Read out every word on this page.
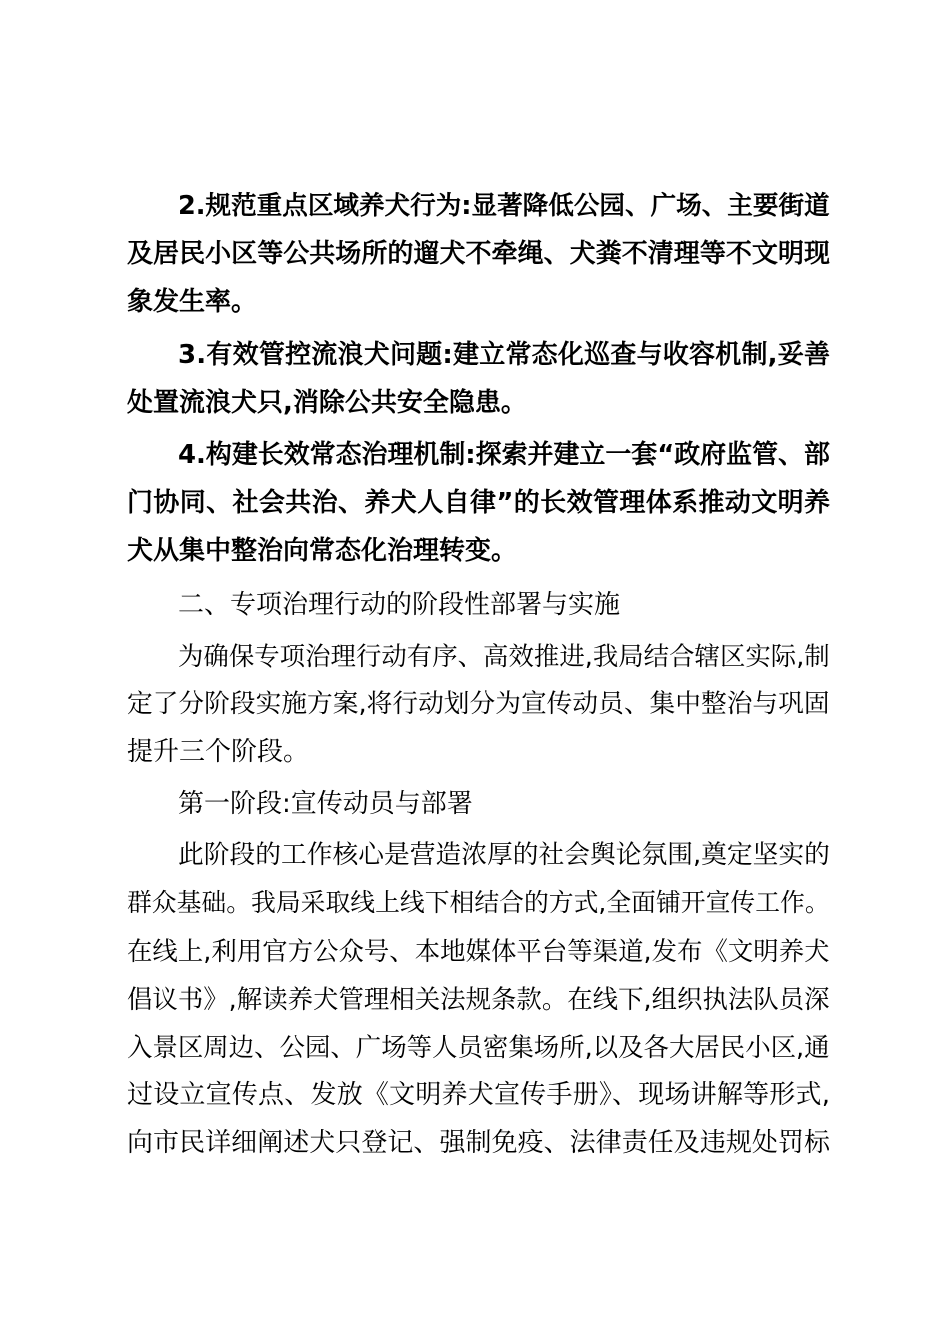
2.规范重点区域养犬行为:显著降低公园、广场、主要街道
及居民小区等公共场所的遛犬不牵绳、犬粪不清理等不文明现
象发生率。
3.有效管控流浪犬问题:建立常态化巡查与收容机制,妥善
处置流浪犬只,消除公共安全隐患。
4.构建长效常态治理机制:探索并建立一套“政府监管、部
门协同、社会共治、养犬人自律”的长效管理体系推动文明养
犬从集中整治向常态化治理转变。
二、专项治理行动的阶段性部署与实施
为确保专项治理行动有序、高效推进,我局结合辖区实际,制
定了分阶段实施方案,将行动划分为宣传动员、集中整治与巩固
提升三个阶段。
第一阶段:宣传动员与部署
此阶段的工作核心是营造浓厚的社会舆论氛围,奠定坚实的
群众基础。我局采取线上线下相结合的方式,全面铺开宣传工作。
在线上,利用官方公众号、本地媒体平台等渠道,发布《文明养犬
倡议书》,解读养犬管理相关法规条款。在线下,组织执法队员深
入景区周边、公园、广场等人员密集场所,以及各大居民小区,通
过设立宣传点、发放《文明养犬宣传手册》、现场讲解等形式,
向市民详细阐述犬只登记、强制免疫、法律责任及违规处罚标
